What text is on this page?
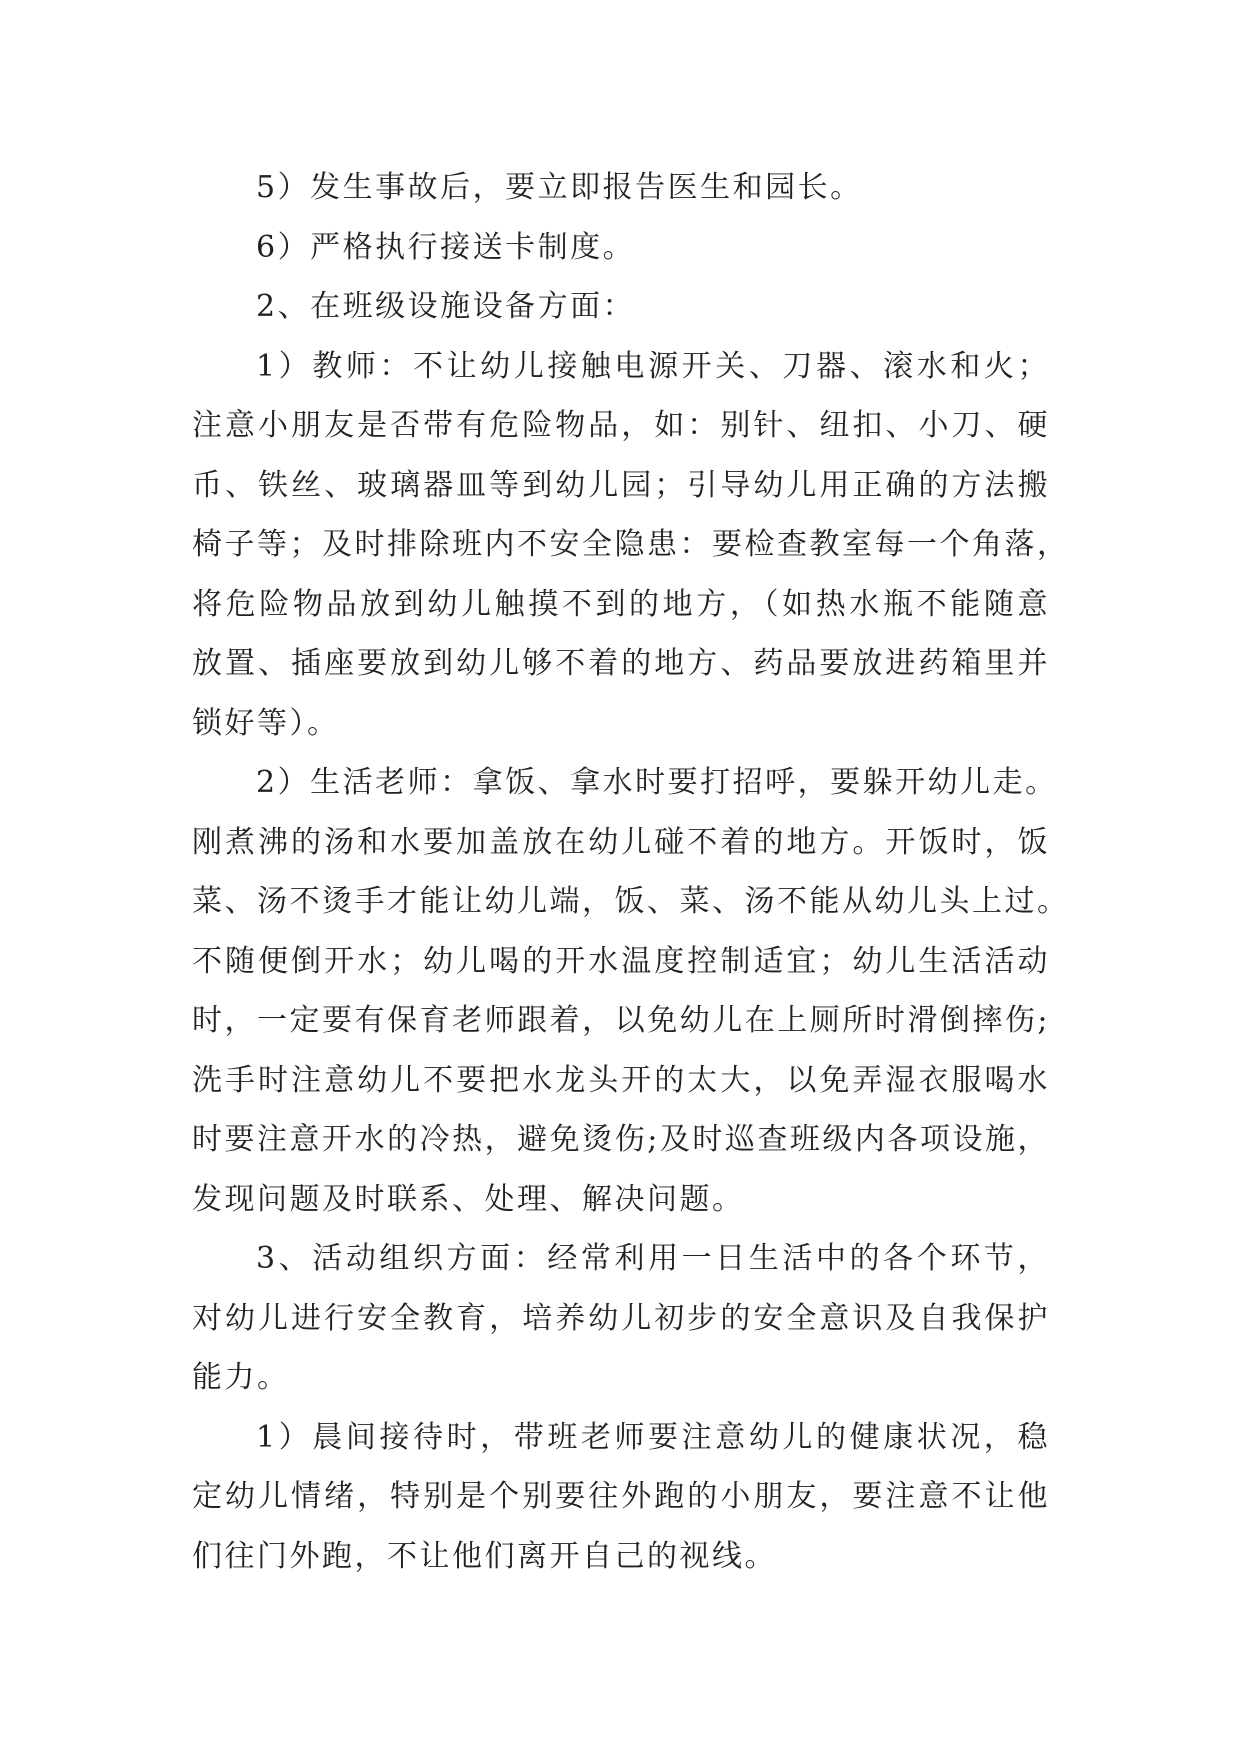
5）发生事故后，要立即报告医生和园长。
6）严格执行接送卡制度。
2、在班级设施设备方面：
1）教师：不让幼儿接触电源开关、刀器、滚水和火；
注意小朋友是否带有危险物品，如：别针、纽扣、小刀、硬
币、铁丝、玻璃器皿等到幼儿园；引导幼儿用正确的方法搬
椅子等；及时排除班内不安全隐患：要检查教室每一个角落，
将危险物品放到幼儿触摸不到的地方，（如热水瓶不能随意
放置、插座要放到幼儿够不着的地方、药品要放进药箱里并
锁好等）。
2）生活老师：拿饭、拿水时要打招呼，要躲开幼儿走。
刚煮沸的汤和水要加盖放在幼儿碰不着的地方。开饭时，饭
菜、汤不烫手才能让幼儿端，饭、菜、汤不能从幼儿头上过。
不随便倒开水；幼儿喝的开水温度控制适宜；幼儿生活活动
时，一定要有保育老师跟着，以免幼儿在上厕所时滑倒摔伤;
洗手时注意幼儿不要把水龙头开的太大，以免弄湿衣服喝水
时要注意开水的冷热，避免烫伤;及时巡查班级内各项设施，
发现问题及时联系、处理、解决问题。
3、活动组织方面：经常利用一日生活中的各个环节，
对幼儿进行安全教育，培养幼儿初步的安全意识及自我保护
能力。
1）晨间接待时，带班老师要注意幼儿的健康状况，稳
定幼儿情绪，特别是个别要往外跑的小朋友，要注意不让他
们往门外跑，不让他们离开自己的视线。
